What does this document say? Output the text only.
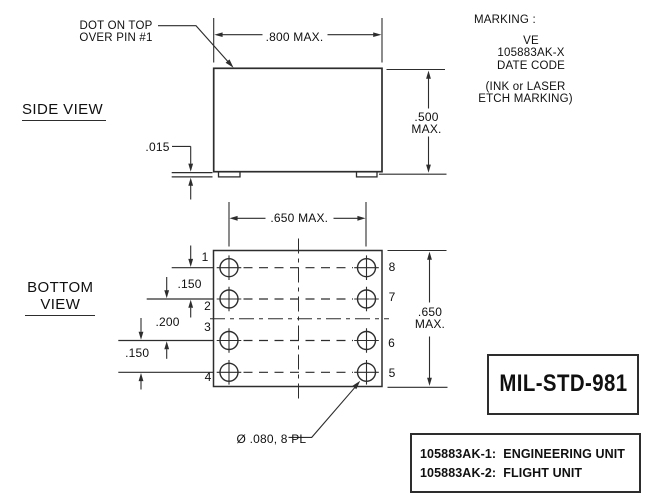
DOT ON TOP
OVER PIN #1	.800 MAX.
SIDE VIEW
.015
.500
MAX.
MARKING :
VE
105883AK-X
DATE CODE
(INK or LASER
ETCH MARKING)
BOTTOM
VIEW
.650 MAX.
.150
.200
.150
.650
MAX.
1
2
3
4
8
7
6
5
Ø .080, 8 PL
MIL-STD-981
105883AK-1:  ENGINEERING UNIT
105883AK-2:  FLIGHT UNIT
